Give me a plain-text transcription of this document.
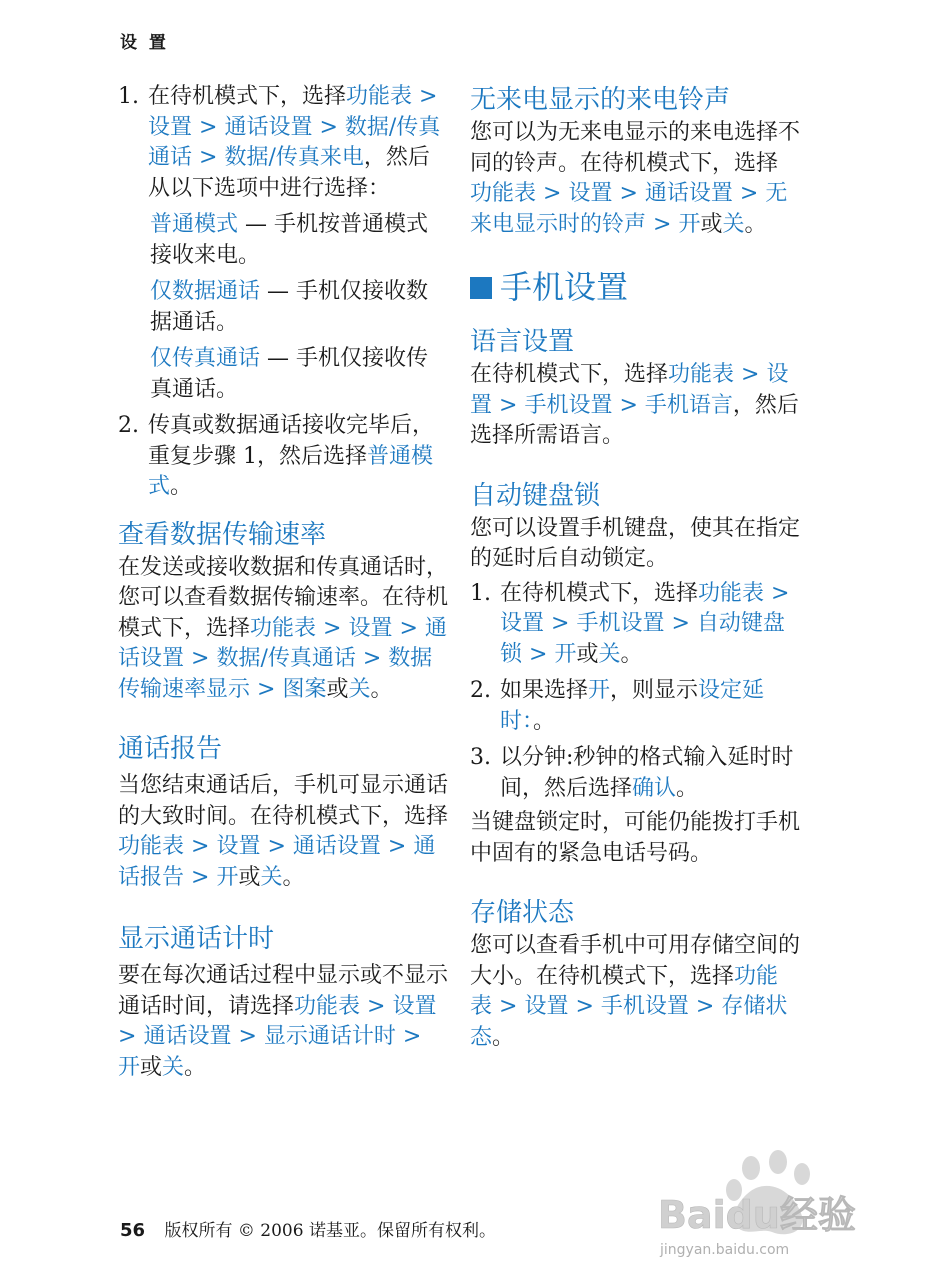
设 置
1. 在待机模式下，选择功能表 > 设置 > 通话设置 > 数据/传真通话 > 数据/传真来电，然后从以下选项中进行选择：

普通模式 — 手机按普通模式接收来电。

仅数据通话 — 手机仅接收数据通话。

仅传真通话 — 手机仅接收传真通话。

2. 传真或数据通话接收完毕后，重复步骤 1，然后选择普通模式。
查看数据传输速率

在发送或接收数据和传真通话时，您可以查看数据传输速率。在待机模式下，选择功能表 > 设置 > 通话设置 > 数据/传真通话 > 数据传输速率显示 > 图案或关。

通话报告

当您结束通话后，手机可显示通话的大致时间。在待机模式下，选择功能表 > 设置 > 通话设置 > 通话报告 > 开或关。

显示通话计时

要在每次通话过程中显示或不显示通话时间，请选择功能表 > 设置 > 通话设置 > 显示通话计时 > 开或关。

无来电显示的来电铃声

您可以为无来电显示的来电选择不同的铃声。在待机模式下，选择功能表 > 设置 > 通话设置 > 无来电显示时的铃声 > 开或关。

手机设置
语言设置

在待机模式下，选择功能表 > 设置 > 手机设置 > 手机语言，然后选择所需语言。

自动键盘锁

您可以设置手机键盘，使其在指定的延时后自动锁定。

1. 在待机模式下，选择功能表 > 设置 > 手机设置 > 自动键盘锁 > 开或关。
2. 如果选择开，则显示设定延时：。
3. 以分钟:秒钟的格式输入延时时间，然后选择确认。

当键盘锁定时，可能仍能拨打手机中固有的紧急电话号码。

存储状态

您可以查看手机中可用存储空间的大小。在待机模式下，选择功能表 > 设置 > 手机设置 > 存储状态。

Baidu经验
jingyan.baidu.com
56 版权所有 © 2006 诺基亚。保留所有权利。
